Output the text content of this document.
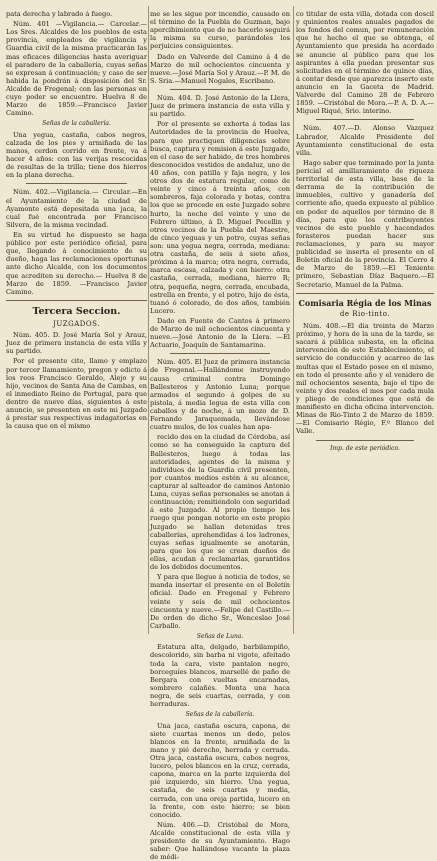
pata derecha y labrado á fuego.

Núm. 401 —Vigilancia.— Carcelar.—Los Sres. Alcaldes de los pueblos de esta provincia, empleados de vigilancia y Guardia civil de la misma practicarán las mas eficaces diligencias hasta averiguar el paradero de la caballería, cuyas señas se expresan á continuación; y caso de ser habida la pondrán á disposición del Sr. Alcalde de Fregenal; con las personas en cuyo poder se encuentre. Huelva 8 de Marzo de 1859.—Francisco Javier Camino.

Señas de la caballería.

Una yegua, castaña, cabos negros, calzada de los pies y armiñada de las manos, cerdon corrido en frente, va á hacer 4 años: con las verijas rescocidas de resultas de la trilla; tiene dos hierros en la plana derecha.

Núm. 402.—Vigilancia.— Circular.—En el Ayuntamiento de la ciudad de Ayamonte está depositada una jaca, la cual fué encontrada por Francisco Silvera, de la misma vecindad.

En su virtud he dispuesto se haga público por este periódico oficial, para que, llegando á conocimiento de su dueño, haga las reclamaciones oportunas ante dicho Alcalde, con los documentos que acrediten su derecho.— Huelva 8 de Marzo de 1859. —Francisco Javier Camino.

Tercera Seccion.
JUZGADOS.

Núm. 405. D. José María Sol y Arauz, Juez de primera instancia de esta villa y su partido.

Por el presente cito, llamo y emplazo por tercer llamamiento, pregon y edicto á los reos Francisco Geraldo, Alejo y su hijo, vecinos de Santa Ana de Cambas, en el inmediato Reino de Portugal, para que dentro de nueve días, siguientes á este anuncio, se presenten en este mi Juzgado á prestar sus respectivas indagatorias en la causa que en el mismo

me se les sigue por incendio, causado en el término de la Puebla de Guzman, bajo apercibimiento que de no hacerlo seguirá la misma su curso, parándoles los perjuicios consiguientes.

Dado en Valverde del Camino á 4 de Marzo de mil ochocientos cincuenta y nueve.—José María Sol y Arauz.—P. M. de S. Sria.—Manuel Nogales, Escribano.

Núm. 404. D. José Antonio de la Llera, Juez de primera instancia de esta villa y su partido.

Por el presente se exhorta á todas las Autoridades de la provincia de Huelva, para que practiquen diligencias sobre busca, captura y remision á este Juzgado, en el caso de ser habido, de tres hombres desconocidos vestidos de andaluz, uno de 40 años, con patilla y faja negra, y los otros dos de estatura regular, como de veinte y cinco á treinta años, con sombreros, faja colorada y botas, contra los que se procede en este Juzgado sobre hurto, la noche del veinte y uno de Febrero último, á D. Miguel Pecellin y otros vecinos de la Puebla del Maestre, de cinco yeguas y un potro, cuyas señas son: una yegua negra, cerrada, mediana: otra castaña, de seis á siete años, próxima á la marca; otra negra, cerrada, marca escasa, calzada y con hierro: otra castaña, cerrada, mediana, hierro R; otra, pequeña, negra, cerrada, encubada, estrella en frente, y el potro, hijo de ésta, tuanó ó colorado, de dos años, también Lucero.

Dado en Fuente de Cantos á primero de Marzo de mil ochocientos cincuenta y nueve.—José Antonio de la Llera. —El Actuario, Joaquín de Santamarina.

Núm. 405. El Juez de primera instancia de Fregenal.—Hallándome instruyendo causa criminal contra Domingo Ballesteros y Antonio Luna; porque armados el segundo á golpes de su pistola, á media legua de esta villa con caballos y de noche, á un mozo de D. Fernando Jaraquemada, llevándose cuatro mulos, de los cuales han apa-

recido dos en la ciudad de Córdoba, así como se ha conseguido la captura del Ballesteros, luego á todas las autoridades, agentes de la misma y individuos de la Guardia civil presenten, por cuantos medios estén á su alcance, capturar al salteador de caminos Antonio Luna, cuyas señas personales se anotan á continuación; remitiéndolo con seguridad á este Juzgado. Al propio tiempo les ruego que pongan notorio en este propio Juzgado se hallan detenidas tres caballerías, aprehendidas á los ladrones, cuyas señas igualmente se anotarán, para que los que se crean dueños de ellas, acudan á reclamarlas, garantidos de los debidos documentos.

Y para que llegue á noticia de todos, se manda insertar el presente en el Boletín oficial. Dado en Fregenal y Febrero veinte y seis de mil ochocientos cincuenta y nueve.—Felipe del Castillo.—De orden de dicho Sr., Wenceslao José Carballo.

Señas de Luna.

Estatura alta, delgado, barbilampiño, descolorido, sin barba ni vigote, afeitado toda la cara, viste pantalon negro, borceguíes blancos, marsellé de paño de Bergara con vueltas encarnadas, sombrero calañés. Monta una haca negra, de seis cuartas, cerrada, y con herraduras.

Señas de la caballería.

Una jaca, castaña oscura, capona, de siete cuartas menos un dedo, pelos blancos en la frente, armiñada de la mano y pié derecho, herrada y cerrada. Otra jaca, castaña oscura, cabos negros, lucero, pelos blancos en la cruz, cerrada, capona, marca en la parte izquierda del pié izquierdo, sin hierro. Una yegua, castaña, de seis cuartas y media, cerrada, con una oreja partida, lucero en la frente, con este hierro; se bien conocido.

Núm. 406.—D. Cristóbal de Mora, Alcalde constitucional de esta villa y presidente de su Ayuntamiento. Hago saber: Que hallándose vacante la plaza de médi-

co titular de esta villa, dotada con doscil y quinientos reales anuales pagados de los fondos del comun, por remuneración que he hecho el que se obtenga, el Ayuntamiento que presida ha acordado se anuncie al público para que los aspirantes á ella puedan presentar sus solicitudes en el término de quince días, á contar desde que aparezca inserto este anuncio en la Gaceta de Madrid. Valverde del Camino 28 de Febrero 1859. —Cristóbal de Mora.—P. A. D. A.—Miguel Riqué, Srio. interino.

Núm. 407.—D. Alonso Vazquez Labrador, Alcalde Presidente del Ayuntamiento constitucional de esta villa.

Hago saber que terminado por la junta pericial el amillaramiento de riqueza territorial de esta villa, base de la derrama de la contribución de inmuebles, cultivo y ganadería del corriente año, queda expuesto al público en poder de aquellos por término de 8 días, para que los contribuyentes vecinos de este pueblo y hacendados forasteros puedan hacer sus reclamaciones, y para su mayor publicidad se inserta el presente en el Boletín oficial de la provincia. El Cerro 4 de Marzo de 1859.—El Teniente primero, Sebastian Díaz Baquero.—El Secretario, Manuel de la Palma.

Comisaria Régia de los Minas
de Rio-tinto.

Núm. 408.—El dia treinta de Marzo próximo, y hora de la una de la tarde, se sacará á pública subasta, en la oficina intervención de este Establecimiento, el servicio de conducción y acarreo de las multas que el Estado posee en el mismo, en todo el presente año y el venidero de mil ochocientos sesenta, bajo el tipo de veinte y dos reales el mes por cada mula y pliego de condiciones que está de manifiesto en dicha oficina intervencion. Minas de Rio-Tinto 2 de Marzo de 1859. —El Comisario Régio, F.º Blanco del Valle.

Imp. de este periódico.
